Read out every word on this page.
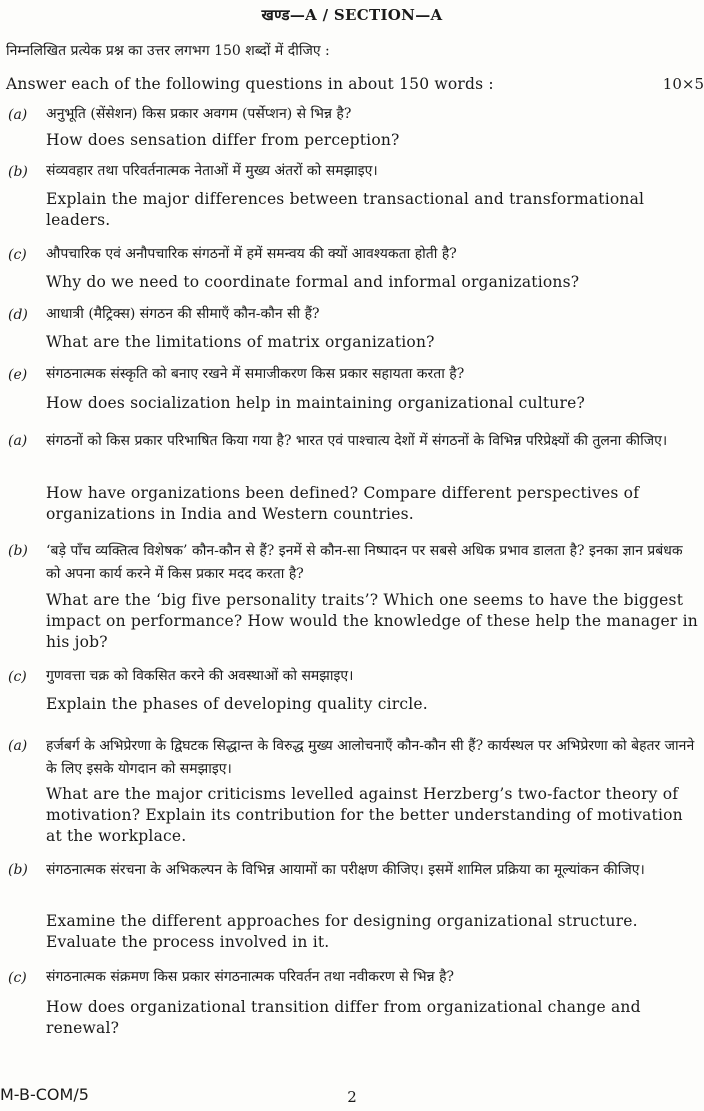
खण्ड—A / SECTION—A
निम्नलिखित प्रत्येक प्रश्न का उत्तर लगभग 150 शब्दों में दीजिए :
Answer each of the following questions in about 150 words :	10×5
(a) अनुभूति (सेंसेशन) किस प्रकार अवगम (पर्सेप्शन) से भिन्न है?
How does sensation differ from perception?
(b) संव्यवहार तथा परिवर्तनात्मक नेताओं में मुख्य अंतरों को समझाइए।
Explain the major differences between transactional and transformational leaders.
(c) औपचारिक एवं अनौपचारिक संगठनों में हमें समन्वय की क्यों आवश्यकता होती है?
Why do we need to coordinate formal and informal organizations?
(d) आधात्री (मैट्रिक्स) संगठन की सीमाएँ कौन-कौन सी हैं?
What are the limitations of matrix organization?
(e) संगठनात्मक संस्कृति को बनाए रखने में समाजीकरण किस प्रकार सहायता करता है?
How does socialization help in maintaining organizational culture?
(a) संगठनों को किस प्रकार परिभाषित किया गया है? भारत एवं पाश्चात्य देशों में संगठनों के विभिन्न परिप्रेक्ष्यों की तुलना कीजिए।
How have organizations been defined? Compare different perspectives of organizations in India and Western countries.
(b) ‘बड़े पाँच व्यक्तित्व विशेषक’ कौन-कौन से हैं? इनमें से कौन-सा निष्पादन पर सबसे अधिक प्रभाव डालता है? इनका ज्ञान प्रबंधक को अपना कार्य करने में किस प्रकार मदद करता है?
What are the ‘big five personality traits’? Which one seems to have the biggest impact on performance? How would the knowledge of these help the manager in his job?
(c) गुणवत्ता चक्र को विकसित करने की अवस्थाओं को समझाइए।
Explain the phases of developing quality circle.
(a) हर्जबर्ग के अभिप्रेरणा के द्विघटक सिद्धान्त के विरुद्ध मुख्य आलोचनाएँ कौन-कौन सी हैं? कार्यस्थल पर अभिप्रेरणा को बेहतर जानने के लिए इसके योगदान को समझाइए।
What are the major criticisms levelled against Herzberg’s two-factor theory of motivation? Explain its contribution for the better understanding of motivation at the workplace.
(b) संगठनात्मक संरचना के अभिकल्पन के विभिन्न आयामों का परीक्षण कीजिए। इसमें शामिल प्रक्रिया का मूल्यांकन कीजिए।
Examine the different approaches for designing organizational structure. Evaluate the process involved in it.
(c) संगठनात्मक संक्रमण किस प्रकार संगठनात्मक परिवर्तन तथा नवीकरण से भिन्न है?
How does organizational transition differ from organizational change and renewal?
M-B-COM/5	2
